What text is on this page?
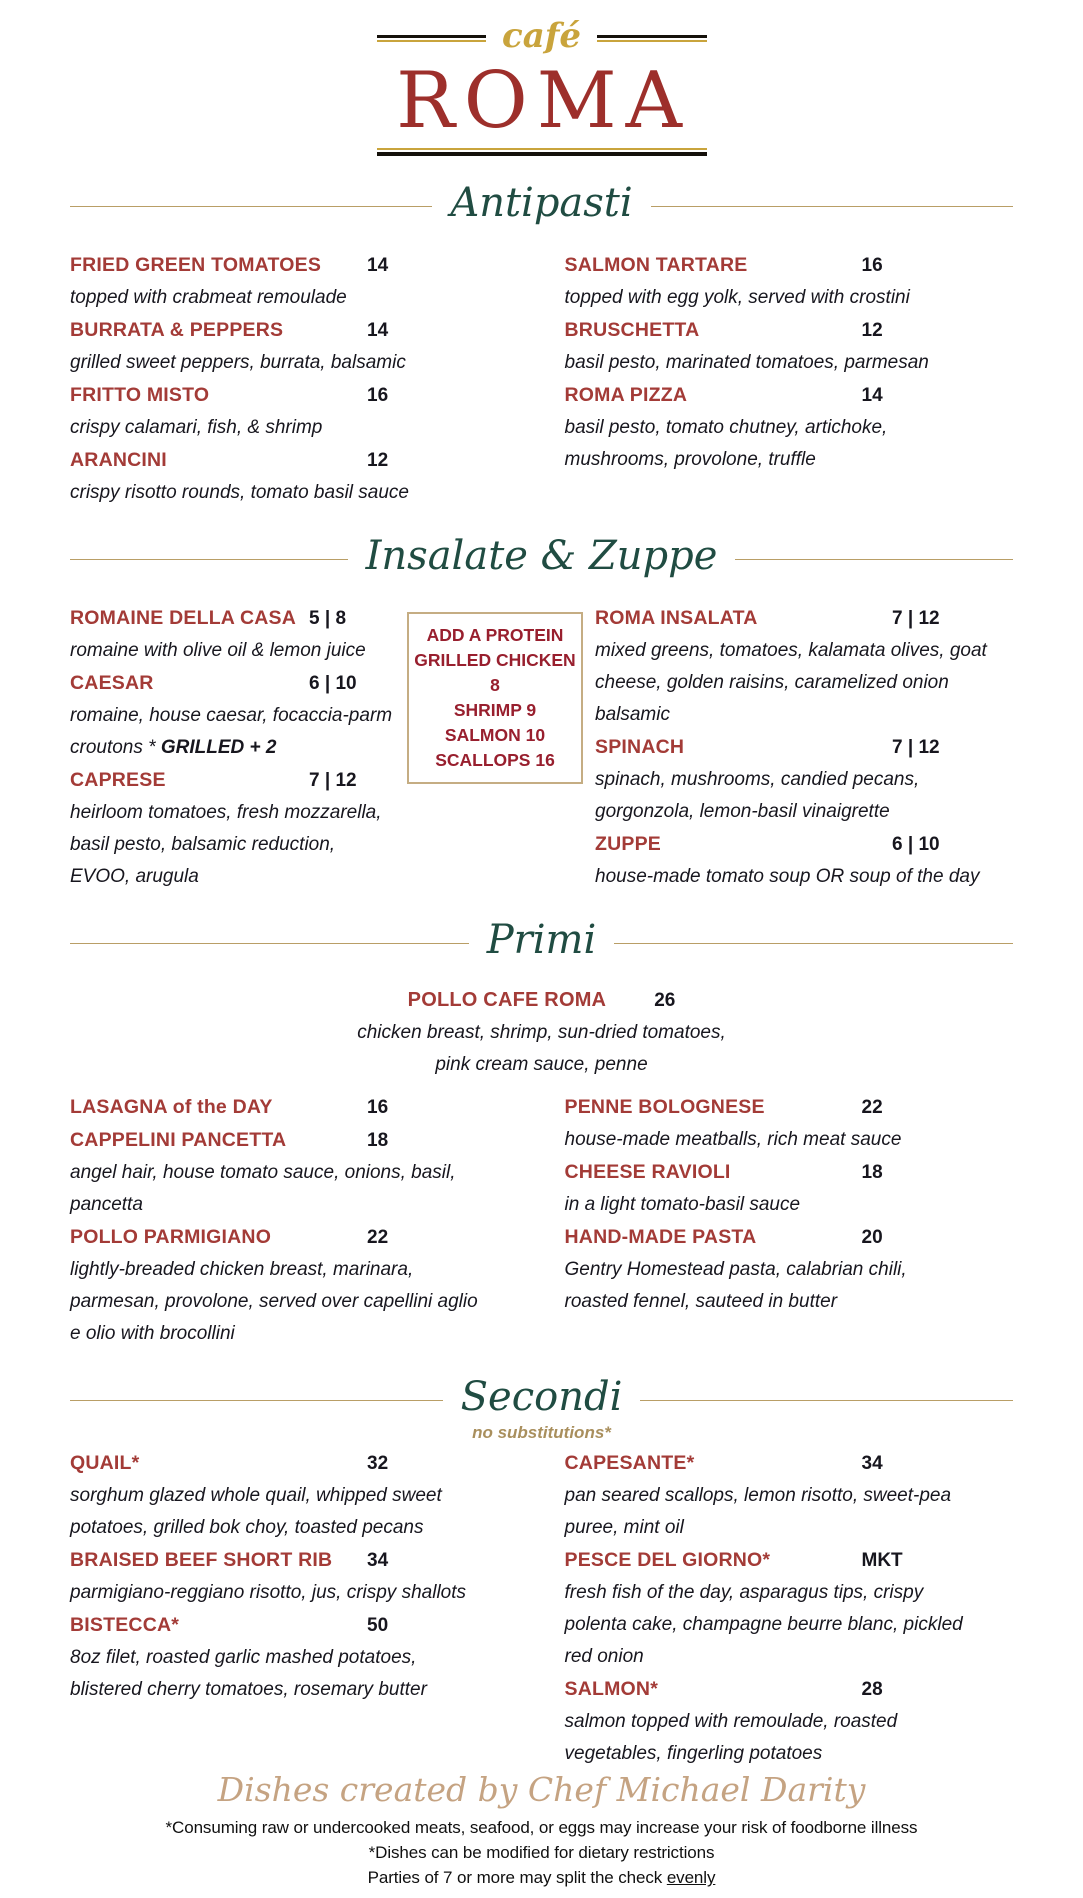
café
ROMA
Antipasti
FRIED GREEN TOMATOES	14

topped with crabmeat remoulade

BURRATA & PEPPERS	14

grilled sweet peppers, burrata, balsamic

FRITTO MISTO	16

crispy calamari, fish, & shrimp

ARANCINI	12

crispy risotto rounds, tomato basil sauce

SALMON TARTARE	16

topped with egg yolk, served with crostini

BRUSCHETTA	12

basil pesto, marinated tomatoes, parmesan

ROMA PIZZA	14

basil pesto, tomato chutney, artichoke, mushrooms, provolone, truffle

Insalate & Zuppe
ROMAINE DELLA CASA 5 | 8

romaine with olive oil & lemon juice

CAESAR	6 | 10

romaine, house caesar, focaccia-parm croutons * GRILLED + 2

CAPRESE	7 | 12

heirloom tomatoes, fresh mozzarella, basil pesto, balsamic reduction, EVOO, arugula

ADD A PROTEIN
GRILLED CHICKEN 8
SHRIMP 9
SALMON 10
SCALLOPS 16
ROMA INSALATA	7 | 12

mixed greens, tomatoes, kalamata olives, goat cheese, golden raisins, caramelized onion balsamic

SPINACH	7 | 12

spinach, mushrooms, candied pecans, gorgonzola, lemon-basil vinaigrette

ZUPPE	6 | 10

house-made tomato soup OR soup of the day

Primi
POLLO CAFE ROMA	26

chicken breast, shrimp, sun-dried tomatoes,

pink cream sauce, penne

LASAGNA of the DAY	16
CAPPELINI PANCETTA	18

angel hair, house tomato sauce, onions, basil, pancetta

POLLO PARMIGIANO	22

lightly-breaded chicken breast, marinara, parmesan, provolone, served over capellini aglio e olio with brocollini

PENNE BOLOGNESE	22

house-made meatballs, rich meat sauce

CHEESE RAVIOLI	18

in a light tomato-basil sauce

HAND-MADE PASTA	20

Gentry Homestead pasta, calabrian chili, roasted fennel, sauteed in butter

Secondi
no substitutions*
QUAIL*	32

sorghum glazed whole quail, whipped sweet potatoes, grilled bok choy, toasted pecans

BRAISED BEEF SHORT RIB	34

parmigiano-reggiano risotto, jus, crispy shallots

BISTECCA*	50

8oz filet, roasted garlic mashed potatoes, blistered cherry tomatoes, rosemary butter

CAPESANTE*	34

pan seared scallops, lemon risotto, sweet-pea puree, mint oil

PESCE DEL GIORNO*	MKT

fresh fish of the day, asparagus tips, crispy polenta cake, champagne beurre blanc, pickled red onion

SALMON*	28

salmon topped with remoulade, roasted vegetables, fingerling potatoes

Dishes created by Chef Michael Darity
*Consuming raw or undercooked meats, seafood, or eggs may increase your risk of foodborne illness
*Dishes can be modified for dietary restrictions
Parties of 7 or more may split the check evenly
